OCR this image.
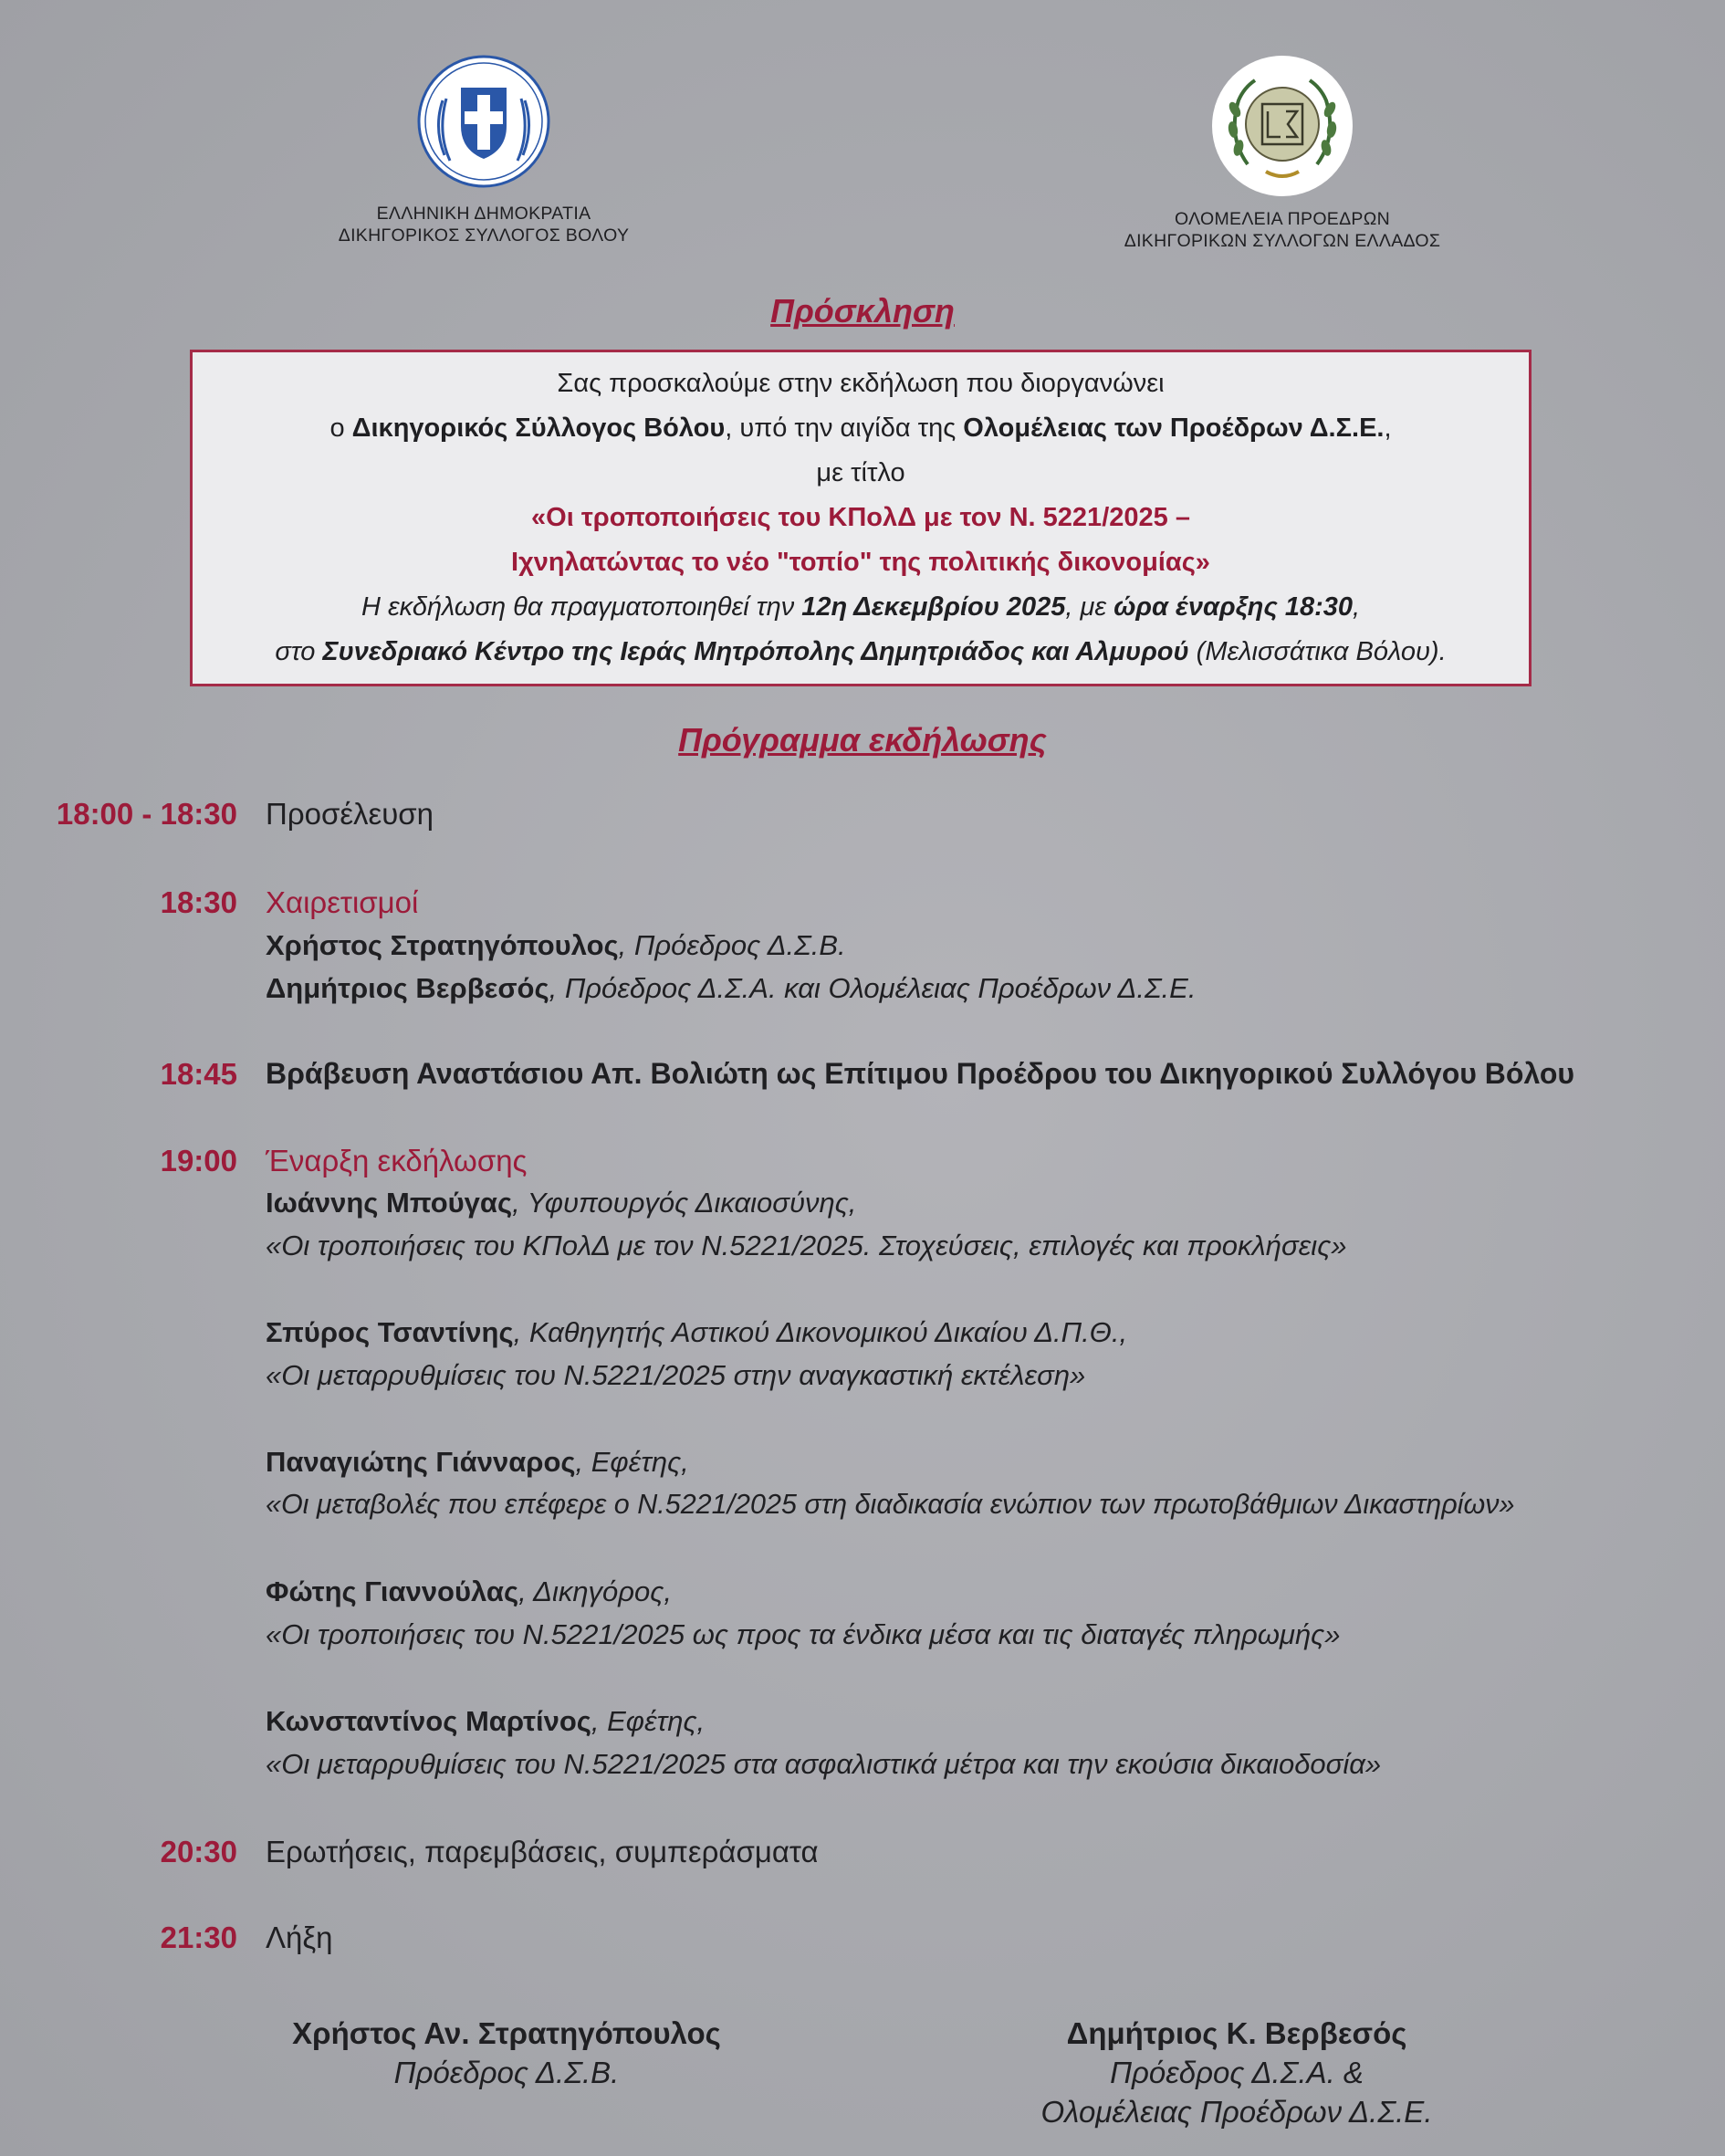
ΕΛΛΗΝΙΚΗ ΔΗΜΟΚΡΑΤΙΑ
ΔΙΚΗΓΟΡΙΚΟΣ ΣΥΛΛΟΓΟΣ ΒΟΛΟΥ
ΟΛΟΜΕΛΕΙΑ ΠΡΟΕΔΡΩΝ
ΔΙΚΗΓΟΡΙΚΩΝ ΣΥΛΛΟΓΩΝ ΕΛΛΑΔΟΣ
Πρόσκληση
Σας προσκαλούμε στην εκδήλωση που διοργανώνει
ο Δικηγορικός Σύλλογος Βόλου, υπό την αιγίδα της Ολομέλειας των Προέδρων Δ.Σ.Ε.,
με τίτλο
«Οι τροποποιήσεις του ΚΠολΔ με τον Ν. 5221/2025 –
Ιχνηλατώντας το νέο "τοπίο" της πολιτικής δικονομίας»
Η εκδήλωση θα πραγματοποιηθεί την 12η Δεκεμβρίου 2025, με ώρα έναρξης 18:30,
στο Συνεδριακό Κέντρο της Ιεράς Μητρόπολης Δημητριάδος και Αλμυρού (Μελισσάτικα Βόλου).
Πρόγραμμα εκδήλωσης
18:00 - 18:30 Προσέλευση
18:30 Χαιρετισμοί
Χρήστος Στρατηγόπουλος, Πρόεδρος Δ.Σ.Β.
Δημήτριος Βερβεσός, Πρόεδρος Δ.Σ.Α. και Ολομέλειας Προέδρων Δ.Σ.Ε.
18:45 Βράβευση Αναστάσιου Απ. Βολιώτη ως Επίτιμου Προέδρου του Δικηγορικού Συλλόγου Βόλου
19:00 Έναρξη εκδήλωσης
Ιωάννης Μπούγας, Υφυπουργός Δικαιοσύνης,
«Οι τροποιήσεις του ΚΠολΔ με τον Ν.5221/2025. Στοχεύσεις, επιλογές και προκλήσεις»
Σπύρος Τσαντίνης, Καθηγητής Αστικού Δικονομικού Δικαίου Δ.Π.Θ.,
«Οι μεταρρυθμίσεις του Ν.5221/2025 στην αναγκαστική εκτέλεση»
Παναγιώτης Γιάνναρος, Εφέτης,
«Οι μεταβολές που επέφερε ο Ν.5221/2025 στη διαδικασία ενώπιον των πρωτοβάθμιων Δικαστηρίων»
Φώτης Γιαννούλας, Δικηγόρος,
«Οι τροποιήσεις του Ν.5221/2025 ως προς τα ένδικα μέσα και τις διαταγές πληρωμής»
Κωνσταντίνος Μαρτίνος, Εφέτης,
«Οι μεταρρυθμίσεις του Ν.5221/2025 στα ασφαλιστικά μέτρα και την εκούσια δικαιοδοσία»
20:30 Ερωτήσεις, παρεμβάσεις, συμπεράσματα
21:30 Λήξη
Χρήστος Αν. Στρατηγόπουλος
Πρόεδρος Δ.Σ.Β.
Δημήτριος Κ. Βερβεσός
Πρόεδρος Δ.Σ.Α. &
Ολομέλειας Προέδρων Δ.Σ.Ε.
